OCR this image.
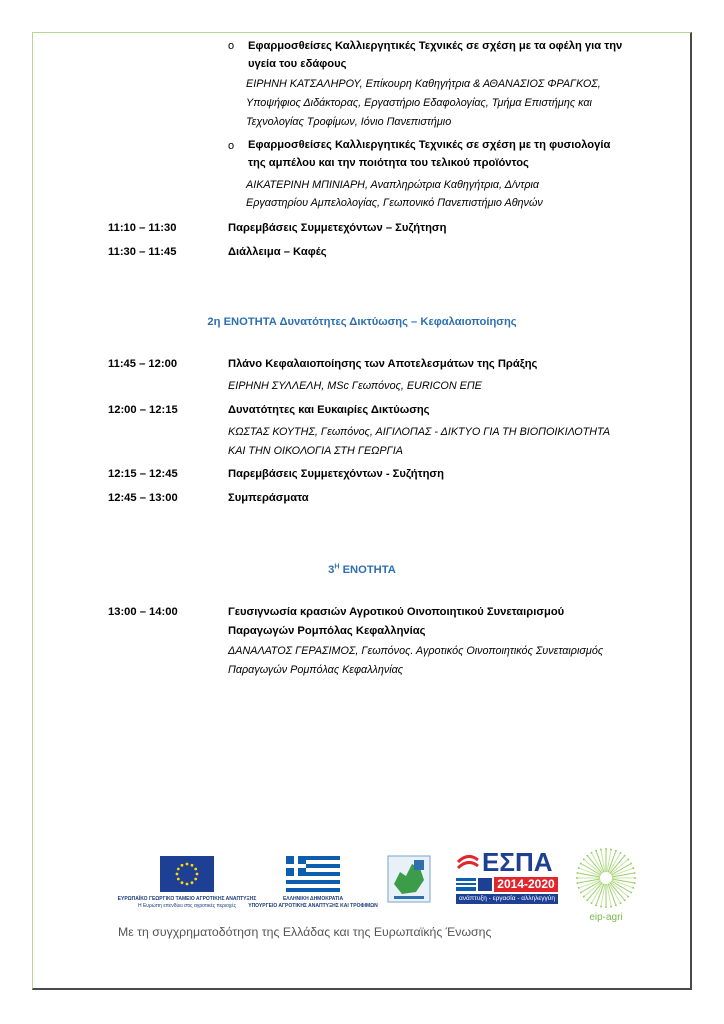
o Εφαρμοσθείσες Καλλιεργητικές Τεχνικές σε σχέση με τα οφέλη για την
υγεία του εδάφους
ΕΙΡΗΝΗ ΚΑΤΣΑΛΗΡΟΥ, Επίκουρη Καθηγήτρια & ΑΘΑΝΑΣΙΟΣ ΦΡΑΓΚΟΣ,
Υποψήφιος Διδάκτορας, Εργαστήριο Εδαφολογίας, Τμήμα Επιστήμης και
Τεχνολογίας Τροφίμων, Ιόνιο Πανεπιστήμιο
o Εφαρμοσθείσες Καλλιεργητικές Τεχνικές σε σχέση με τη φυσιολογία
της αμπέλου και την ποιότητα του τελικού προϊόντος
ΑΙΚΑΤΕΡΙΝΗ ΜΠΙΝΙΑΡΗ, Αναπληρώτρια Καθηγήτρια, Δ/ντρια
Εργαστηρίου Αμπελολογίας, Γεωπονικό Πανεπιστήμιο Αθηνών
11:10 – 11:30	Παρεμβάσεις Συμμετεχόντων – Συζήτηση
11:30 – 11:45	Διάλλειμα – Καφές
2η ΕΝΟΤΗΤΑ Δυνατότητες Δικτύωσης – Κεφαλαιοποίησης
11:45 – 12:00	Πλάνο Κεφαλαιοποίησης των Αποτελεσμάτων της Πράξης
ΕΙΡΗΝΗ ΣΥΛΛΕΛΗ, MSc Γεωπόνος, EURICON ΕΠΕ
12:00 – 12:15	Δυνατότητες και Ευκαιρίες Δικτύωσης
ΚΩΣΤΑΣ ΚΟΥΤΗΣ, Γεωπόνος, ΑΙΓΙΛΟΠΑΣ - ΔΙΚΤΥΟ ΓΙΑ ΤΗ ΒΙΟΠΟΙΚΙΛΟΤΗΤΑ
ΚΑΙ ΤΗΝ ΟΙΚΟΛΟΓΙΑ ΣΤΗ ΓΕΩΡΓΙΑ
12:15 – 12:45	Παρεμβάσεις Συμμετεχόντων - Συζήτηση
12:45 – 13:00	Συμπεράσματα
$3^H$ ΕΝΟΤΗΤΑ
13:00 – 14:00	Γευσιγνωσία κρασιών Αγροτικού Οινοποιητικού Συνεταιρισμού
Παραγωγών Ρομπόλας Κεφαλληνίας
ΔΑΝΑΛΑΤΟΣ ΓΕΡΑΣΙΜΟΣ, Γεωπόνος. Αγροτικός Οινοποιητικός Συνεταιρισμός
Παραγωγών Ρομπόλας Κεφαλληνίας
ΕΥΡΩΠΑΪΚΟ ΓΕΩΡΓΙΚΟ ΤΑΜΕΙΟ ΑΓΡΟΤΙΚΗΣ ΑΝΑΠΤΥΞΗΣ
Η Ευρώπη επενδύει στις αγροτικές περιοχές
ΕΛΛΗΝΙΚΗ ΔΗΜΟΚΡΑΤΙΑ
ΥΠΟΥΡΓΕΙΟ ΑΓΡΟΤΙΚΗΣ ΑΝΑΠΤΥΞΗΣ ΚΑΙ ΤΡΟΦΙΜΩΝ
ΕΣΠΑ
2014-2020
ανάπτυξη - εργασία - αλληλεγγύη
eip-agri
Με τη συγχρηματοδότηση της Ελλάδας και της Ευρωπαϊκής Ένωσης
